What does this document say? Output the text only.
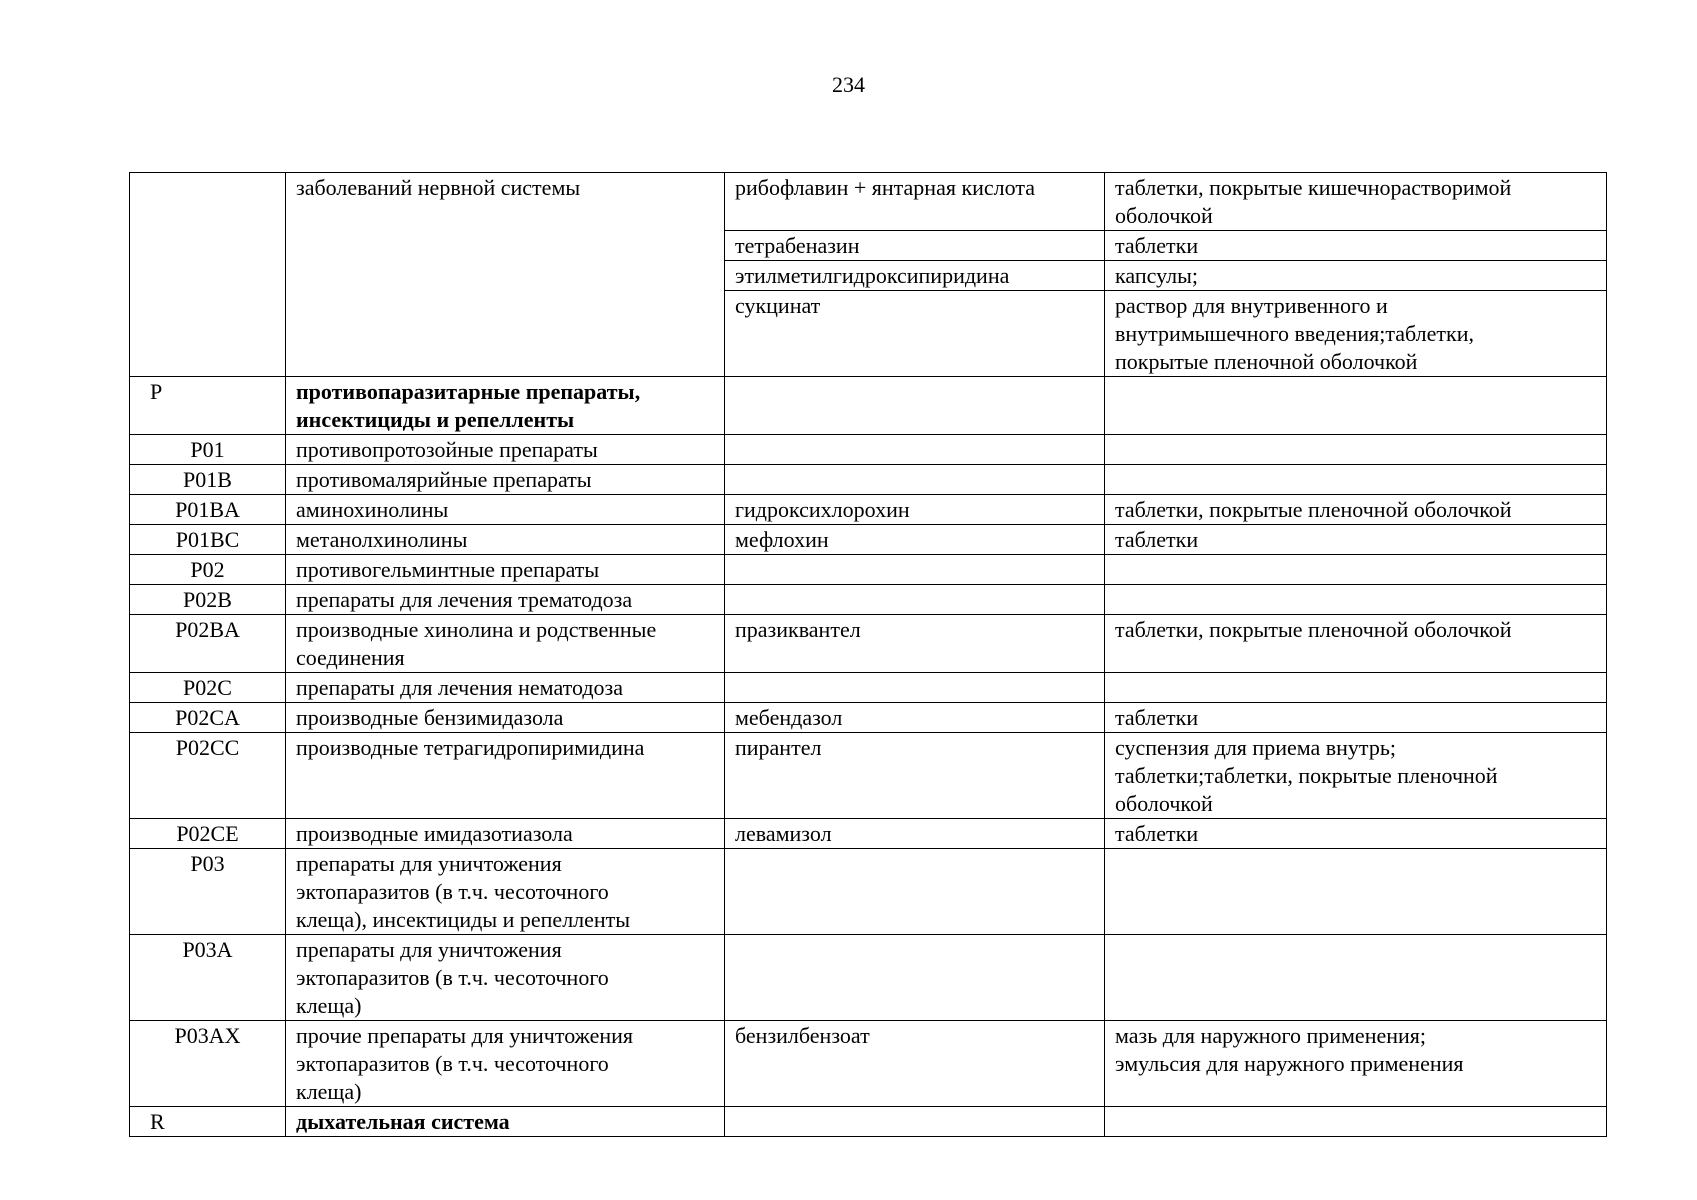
234

	заболеваний нервной системы	рибофлавин + янтарная кислота	таблетки, покрытые кишечнорастворимой
оболочкой

		тетрабеназин	таблетки

		этилметилгидроксипиридина	капсулы;

		сукцинат	раствор для внутривенного и
внутримышечного введения;таблетки,
покрытые пленочной оболочкой

P	противопаразитарные препараты,
инсектициды и репелленты		

P01	противопротозойные препараты		

P01B	противомалярийные препараты		

P01BA	аминохинолины	гидроксихлорохин	таблетки, покрытые пленочной оболочкой

P01BC	метанолхинолины	мефлохин	таблетки

P02	противогельминтные препараты		

P02B	препараты для лечения трематодоза		

P02BA	производные хинолина и родственные
соединения	празиквантел	таблетки, покрытые пленочной оболочкой

P02C	препараты для лечения нематодоза		

P02CA	производные бензимидазола	мебендазол	таблетки

P02CC	производные тетрагидропиримидина	пирантел	суспензия для приема внутрь;
таблетки;таблетки, покрытые пленочной
оболочкой

P02CE	производные имидазотиазола	левамизол	таблетки

P03	препараты для уничтожения
эктопаразитов (в т.ч. чесоточного
клеща), инсектициды и репелленты		

P03A	препараты для уничтожения
эктопаразитов (в т.ч. чесоточного
клеща)		

P03AX	прочие препараты для уничтожения
эктопаразитов (в т.ч. чесоточного
клеща)	бензилбензоат	мазь для наружного применения;
эмульсия для наружного применения

R	дыхательная система		
